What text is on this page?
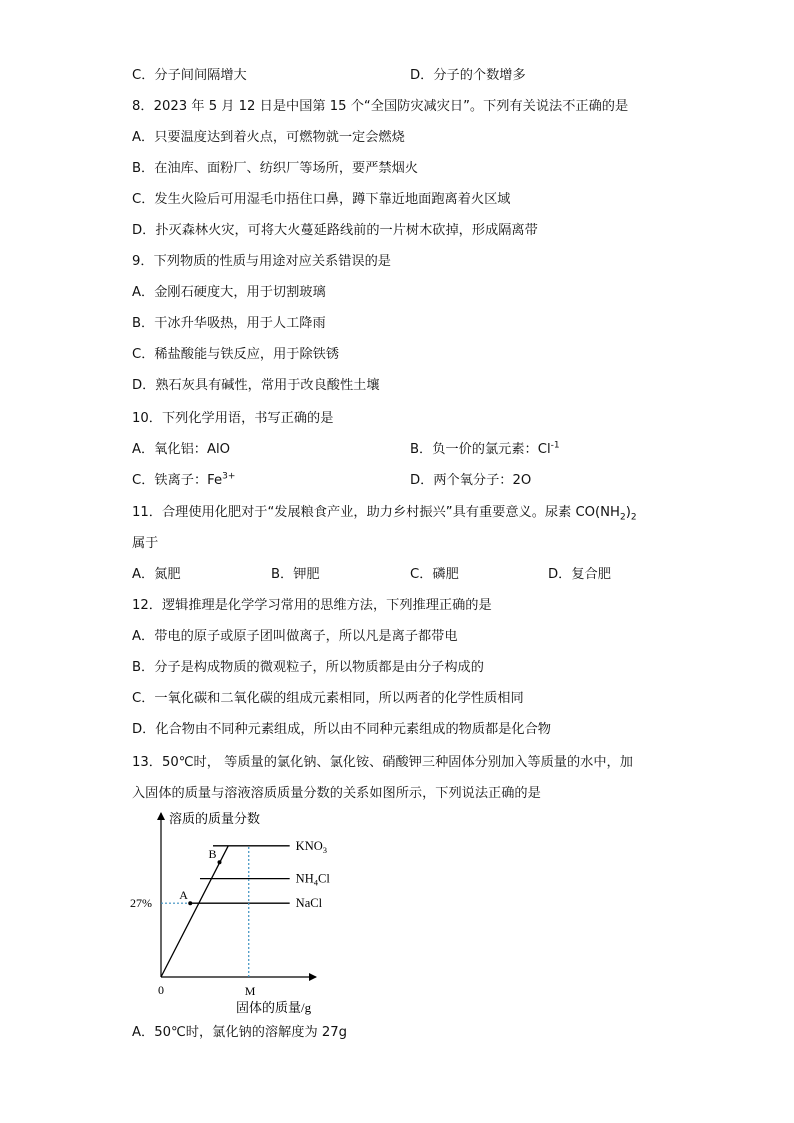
C．分子间间隔增大	D．分子的个数增多
8．2023 年 5 月 12 日是中国第 15 个“全国防灾减灾日”。下列有关说法不正确的是
A．只要温度达到着火点，可燃物就一定会燃烧
B．在油库、面粉厂、纺织厂等场所，要严禁烟火
C．发生火险后可用湿毛巾捂住口鼻，蹲下靠近地面跑离着火区域
D．扑灭森林火灾，可将大火蔓延路线前的一片树木砍掉，形成隔离带
9．下列物质的性质与用途对应关系错误的是
A．金刚石硬度大，用于切割玻璃
B．干冰升华吸热，用于人工降雨
C．稀盐酸能与铁反应，用于除铁锈
D．熟石灰具有碱性，常用于改良酸性土壤
10．下列化学用语，书写正确的是
A．氧化铝：AlO	B．负一价的氯元素：$Cl^{-1}$
C．铁离子：$Fe^{3+}$	D．两个氧分子：2O
11．合理使用化肥对于“发展粮食产业，助力乡村振兴”具有重要意义。尿素 $CO(NH_2)_2$
属于
A．氮肥	B．钾肥	C．磷肥	D．复合肥
12．逻辑推理是化学学习常用的思维方法，下列推理正确的是
A．带电的原子或原子团叫做离子，所以凡是离子都带电
B．分子是构成物质的微观粒子，所以物质都是由分子构成的
C．一氧化碳和二氧化碳的组成元素相同，所以两者的化学性质相同
D．化合物由不同种元素组成，所以由不同种元素组成的物质都是化合物
13．50℃时， 等质量的氯化钠、氯化铵、硝酸钾三种固体分别加入等质量的水中，加
入固体的质量与溶液溶质质量分数的关系如图所示，下列说法正确的是
溶质的质量分数
固体的质量/g
0	M
27%
$KNO_3$
$NH_4Cl$
NaCl
A
B
A．50℃时，氯化钠的溶解度为 27g
